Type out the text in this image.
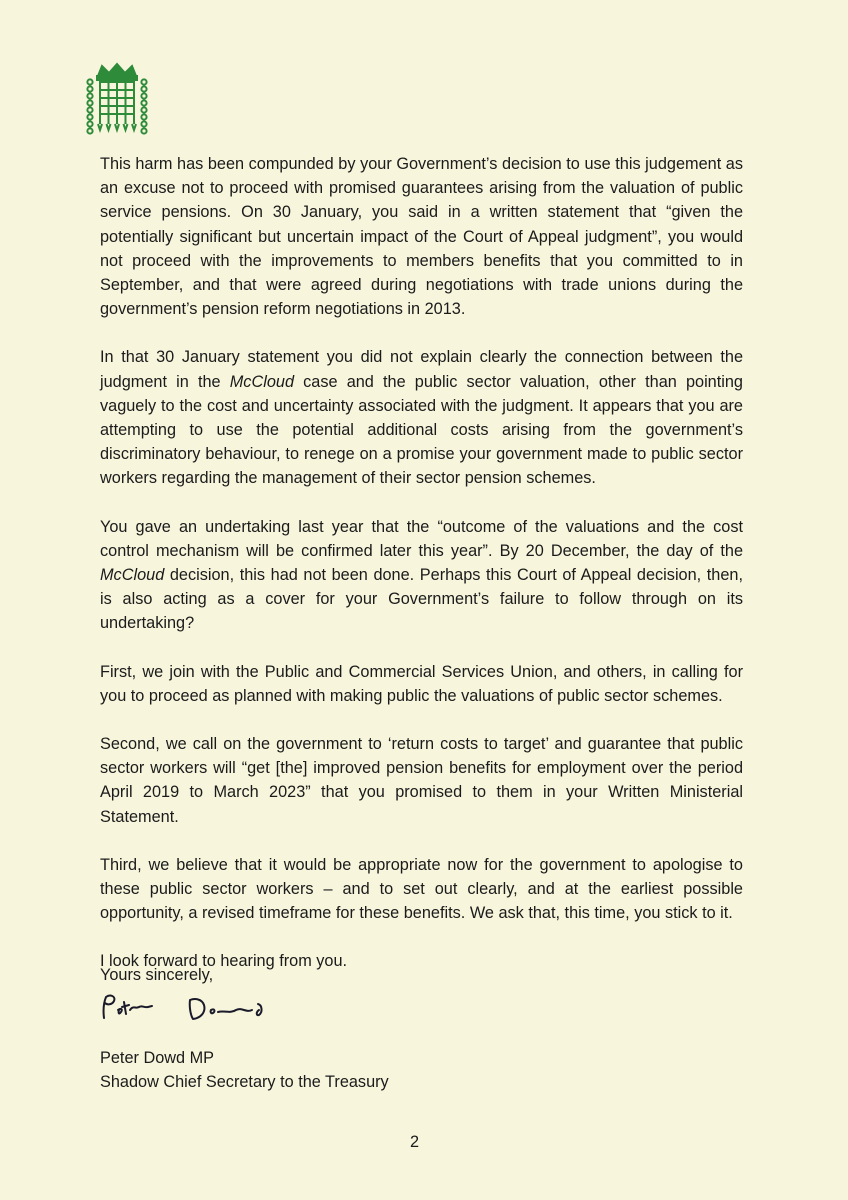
This harm has been compunded by your Government’s decision to use this judgement as an excuse not to proceed with promised guarantees arising from the valuation of public service pensions. On 30 January, you said in a written statement that “given the potentially significant but uncertain impact of the Court of Appeal judgment”, you would not proceed with the improvements to members benefits that you committed to in September, and that were agreed during negotiations with trade unions during the government’s pension reform negotiations in 2013.

In that 30 January statement you did not explain clearly the connection between the judgment in the McCloud case and the public sector valuation, other than pointing vaguely to the cost and uncertainty associated with the judgment. It appears that you are attempting to use the potential additional costs arising from the government’s discriminatory behaviour, to renege on a promise your government made to public sector workers regarding the management of their sector pension schemes.

You gave an undertaking last year that the “outcome of the valuations and the cost control mechanism will be confirmed later this year”. By 20 December, the day of the McCloud decision, this had not been done. Perhaps this Court of Appeal decision, then, is also acting as a cover for your Government’s failure to follow through on its undertaking?

First, we join with the Public and Commercial Services Union, and others, in calling for you to proceed as planned with making public the valuations of public sector schemes.

Second, we call on the government to ‘return costs to target’ and guarantee that public sector workers will “get [the] improved pension benefits for employment over the period April 2019 to March 2023” that you promised to them in your Written Ministerial Statement.

Third, we believe that it would be appropriate now for the government to apologise to these public sector workers – and to set out clearly, and at the earliest possible opportunity, a revised timeframe for these benefits. We ask that, this time, you stick to it.

I look forward to hearing from you.

Yours sincerely,
Peter Dowd MP
Shadow Chief Secretary to the Treasury
2
